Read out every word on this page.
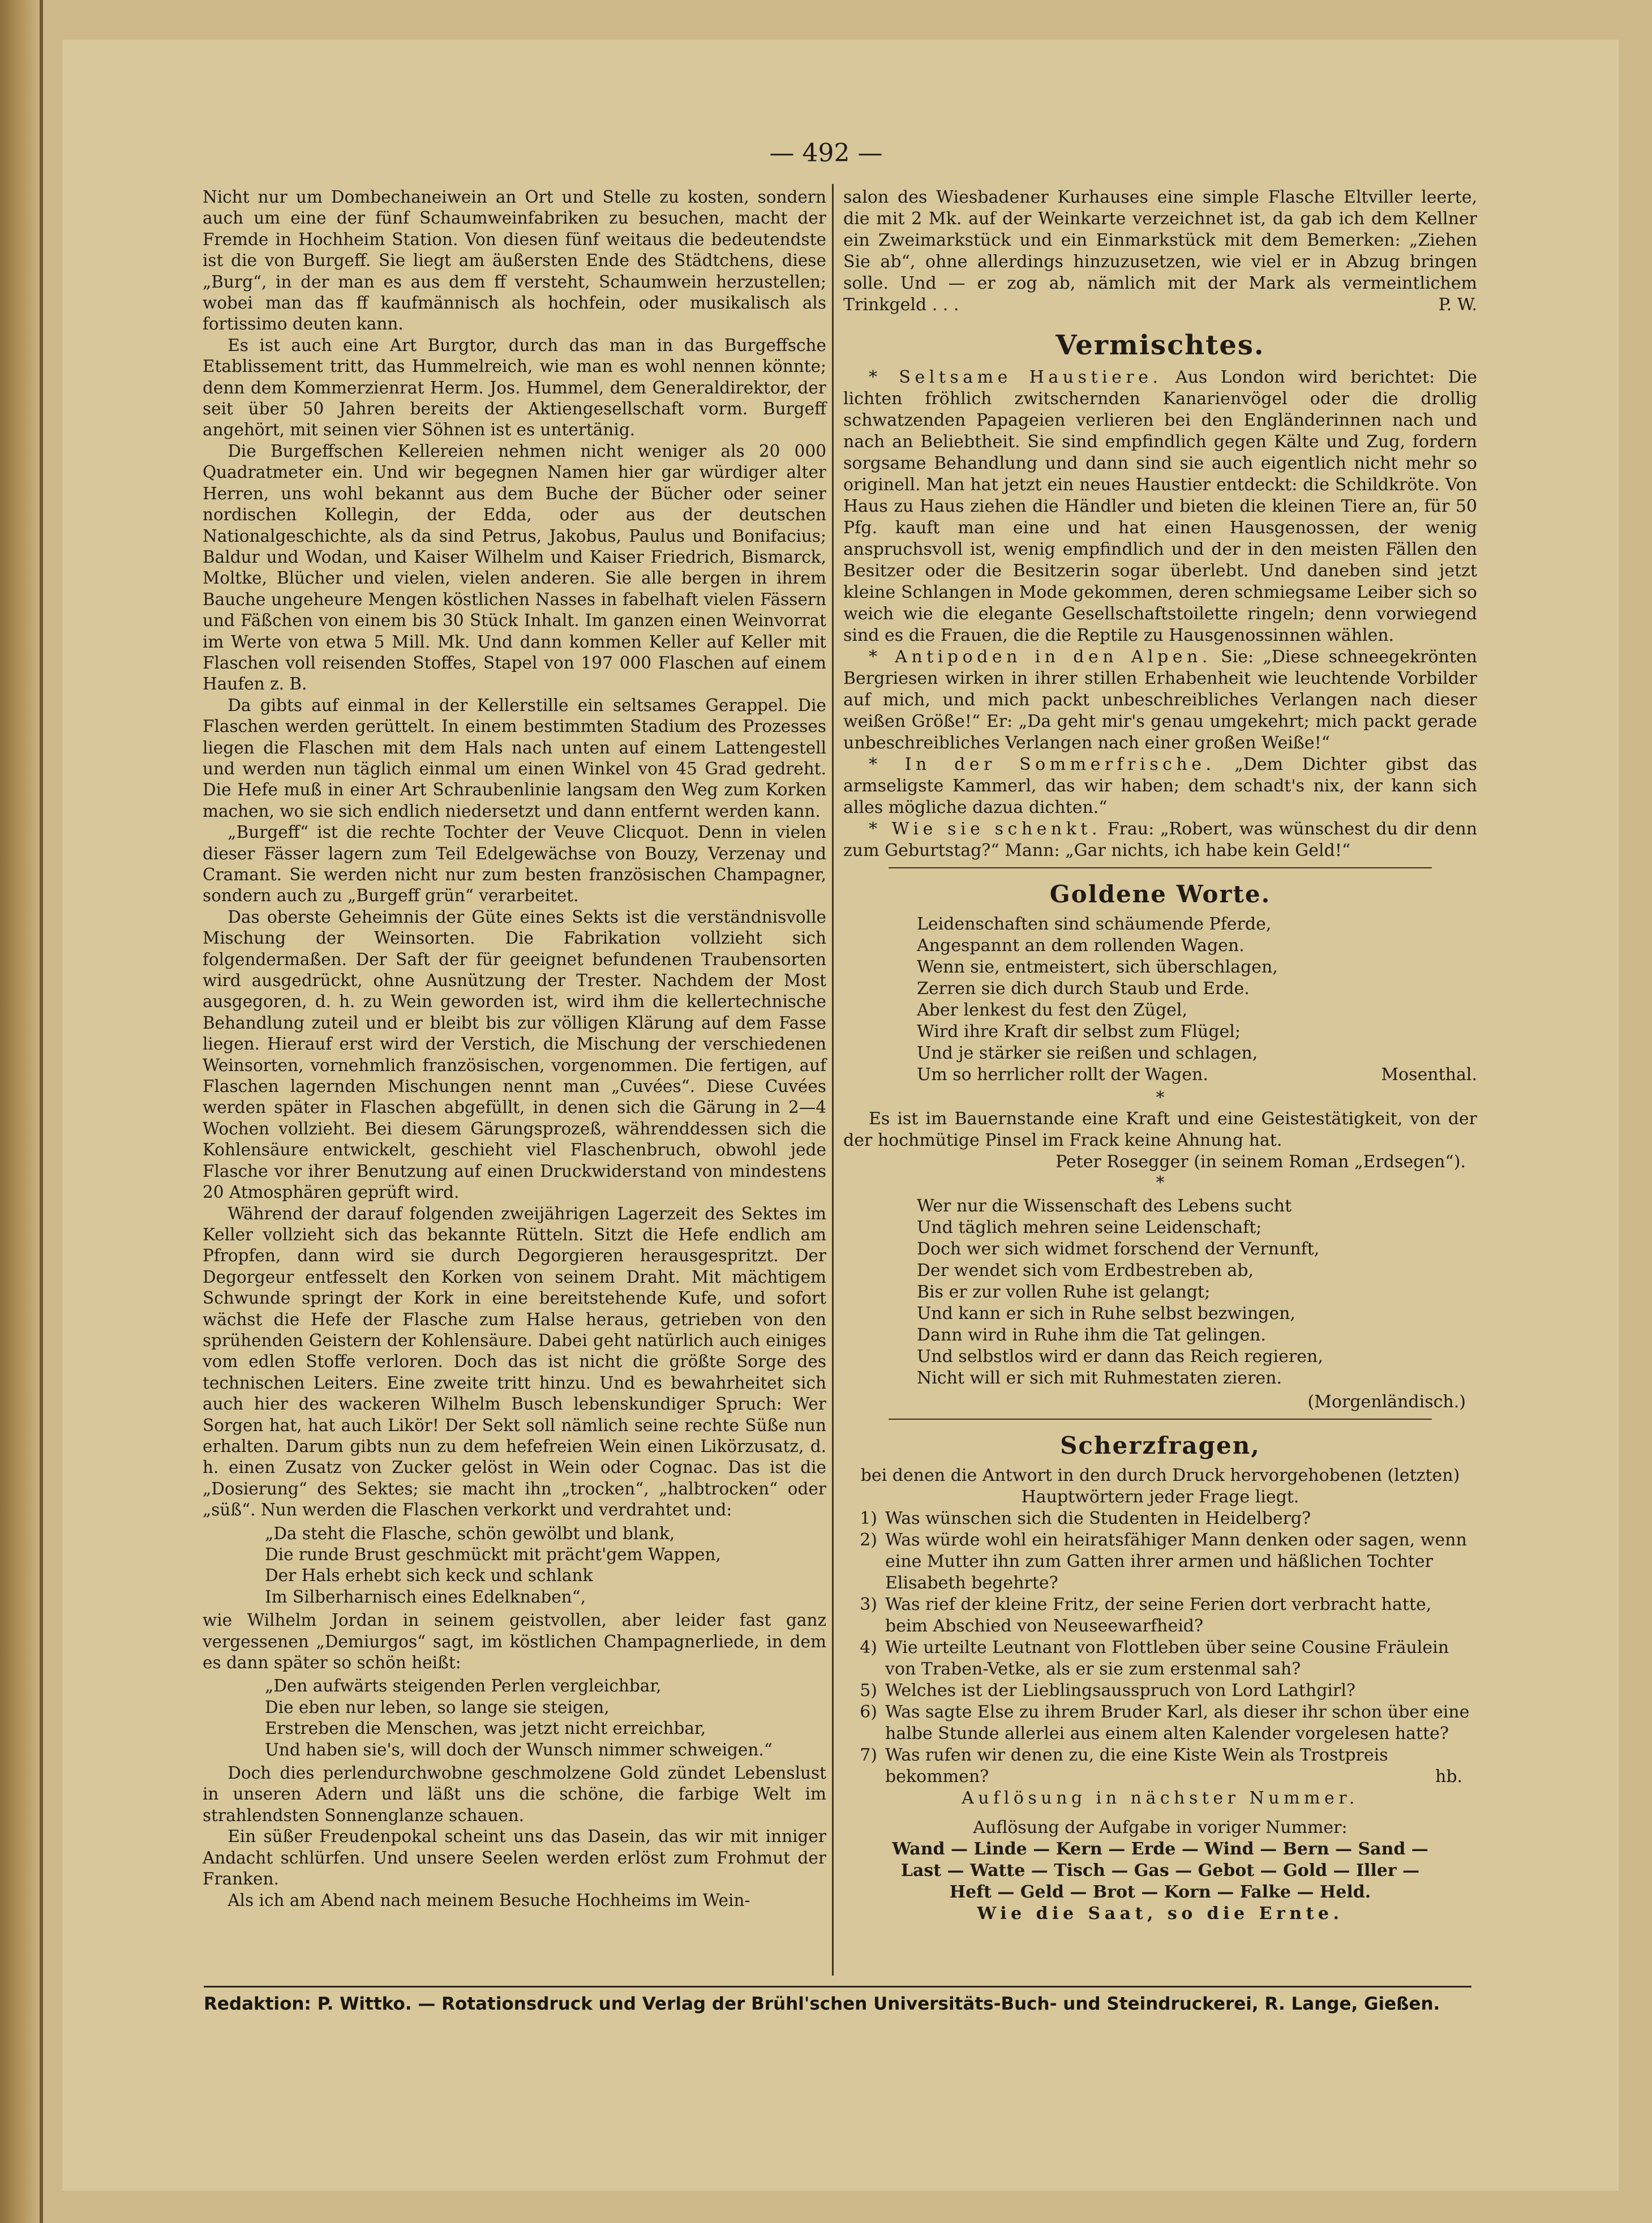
— 492 —

Nicht nur um Dombechaneiwein an Ort und Stelle zu kosten, sondern auch um eine der fünf Schaumweinfabriken zu besuchen, macht der Fremde in Hochheim Station. Von diesen fünf weitaus die bedeutendste ist die von Burgeff. Sie liegt am äußersten Ende des Städtchens, diese „Burg“, in der man es aus dem ff versteht, Schaumwein herzustellen; wobei man das ff kaufmännisch als hochfein, oder musikalisch als fortissimo deuten kann.

Es ist auch eine Art Burgtor, durch das man in das Burgeffsche Etablissement tritt, das Hummelreich, wie man es wohl nennen könnte; denn dem Kommerzienrat Herm. Jos. Hummel, dem Generaldirektor, der seit über 50 Jahren bereits der Aktiengesellschaft vorm. Burgeff angehört, mit seinen vier Söhnen ist es untertänig.

Die Burgeffschen Kellereien nehmen nicht weniger als 20 000 Quadratmeter ein. Und wir begegnen Namen hier gar würdiger alter Herren, uns wohl bekannt aus dem Buche der Bücher oder seiner nordischen Kollegin, der Edda, oder aus der deutschen Nationalgeschichte, als da sind Petrus, Jakobus, Paulus und Bonifacius; Baldur und Wodan, und Kaiser Wilhelm und Kaiser Friedrich, Bismarck, Moltke, Blücher und vielen, vielen anderen. Sie alle bergen in ihrem Bauche ungeheure Mengen köstlichen Nasses in fabelhaft vielen Fässern und Fäßchen von einem bis 30 Stück Inhalt. Im ganzen einen Weinvorrat im Werte von etwa 5 Mill. Mk. Und dann kommen Keller auf Keller mit Flaschen voll reisenden Stoffes, Stapel von 197 000 Flaschen auf einem Haufen z. B.

Da gibts auf einmal in der Kellerstille ein seltsames Gerappel. Die Flaschen werden gerüttelt. In einem bestimmten Stadium des Prozesses liegen die Flaschen mit dem Hals nach unten auf einem Lattengestell und werden nun täglich einmal um einen Winkel von 45 Grad gedreht. Die Hefe muß in einer Art Schraubenlinie langsam den Weg zum Korken machen, wo sie sich endlich niedersetzt und dann entfernt werden kann.

„Burgeff“ ist die rechte Tochter der Veuve Clicquot. Denn in vielen dieser Fässer lagern zum Teil Edelgewächse von Bouzy, Verzenay und Cramant. Sie werden nicht nur zum besten französischen Champagner, sondern auch zu „Burgeff grün“ verarbeitet.

Das oberste Geheimnis der Güte eines Sekts ist die verständnisvolle Mischung der Weinsorten. Die Fabrikation vollzieht sich folgendermaßen. Der Saft der für geeignet befundenen Traubensorten wird ausgedrückt, ohne Ausnützung der Trester. Nachdem der Most ausgegoren, d. h. zu Wein geworden ist, wird ihm die kellertechnische Behandlung zuteil und er bleibt bis zur völligen Klärung auf dem Fasse liegen. Hierauf erst wird der Verstich, die Mischung der verschiedenen Weinsorten, vornehmlich französischen, vorgenommen. Die fertigen, auf Flaschen lagernden Mischungen nennt man „Cuvées“. Diese Cuvées werden später in Flaschen abgefüllt, in denen sich die Gärung in 2—4 Wochen vollzieht. Bei diesem Gärungsprozeß, währenddessen sich die Kohlensäure entwickelt, geschieht viel Flaschenbruch, obwohl jede Flasche vor ihrer Benutzung auf einen Druckwiderstand von mindestens 20 Atmosphären geprüft wird.

Während der darauf folgenden zweijährigen Lagerzeit des Sektes im Keller vollzieht sich das bekannte Rütteln. Sitzt die Hefe endlich am Pfropfen, dann wird sie durch Degorgieren herausgespritzt. Der Degorgeur entfesselt den Korken von seinem Draht. Mit mächtigem Schwunde springt der Kork in eine bereitstehende Kufe, und sofort wächst die Hefe der Flasche zum Halse heraus, getrieben von den sprühenden Geistern der Kohlensäure. Dabei geht natürlich auch einiges vom edlen Stoffe verloren. Doch das ist nicht die größte Sorge des technischen Leiters. Eine zweite tritt hinzu. Und es bewahrheitet sich auch hier des wackeren Wilhelm Busch lebenskundiger Spruch: Wer Sorgen hat, hat auch Likör! Der Sekt soll nämlich seine rechte Süße nun erhalten. Darum gibts nun zu dem hefefreien Wein einen Likörzusatz, d. h. einen Zusatz von Zucker gelöst in Wein oder Cognac. Das ist die „Dosierung“ des Sektes; sie macht ihn „trocken“, „halbtrocken“ oder „süß“. Nun werden die Flaschen verkorkt und verdrahtet und:

„Da steht die Flasche, schön gewölbt und blank,
Die runde Brust geschmückt mit prächt'gem Wappen,
Der Hals erhebt sich keck und schlank
Im Silberharnisch eines Edelknaben“,

wie Wilhelm Jordan in seinem geistvollen, aber leider fast ganz vergessenen „Demiurgos“ sagt, im köstlichen Champagnerliede, in dem es dann später so schön heißt:

„Den aufwärts steigenden Perlen vergleichbar,
Die eben nur leben, so lange sie steigen,
Erstreben die Menschen, was jetzt nicht erreichbar,
Und haben sie's, will doch der Wunsch nimmer schweigen.“

Doch dies perlendurchwobne geschmolzene Gold zündet Lebenslust in unseren Adern und läßt uns die schöne, die farbige Welt im strahlendsten Sonnenglanze schauen.

Ein süßer Freudenpokal scheint uns das Dasein, das wir mit inniger Andacht schlürfen. Und unsere Seelen werden erlöst zum Frohmut der Franken.

Als ich am Abend nach meinem Besuche Hochheims im Wein-

salon des Wiesbadener Kurhauses eine simple Flasche Eltviller leerte, die mit 2 Mk. auf der Weinkarte verzeichnet ist, da gab ich dem Kellner ein Zweimarkstück und ein Einmarkstück mit dem Bemerken: „Ziehen Sie ab“, ohne allerdings hinzuzusetzen, wie viel er in Abzug bringen solle. Und — er zog ab, nämlich mit der Mark als vermeintlichem Trinkgeld . . .	P. W.

Vermischtes.

* Seltsame Haustiere. Aus London wird berichtet: Die lichten fröhlich zwitschernden Kanarienvögel oder die drollig schwatzenden Papageien verlieren bei den Engländerinnen nach und nach an Beliebtheit. Sie sind empfindlich gegen Kälte und Zug, fordern sorgsame Behandlung und dann sind sie auch eigentlich nicht mehr so originell. Man hat jetzt ein neues Haustier entdeckt: die Schildkröte. Von Haus zu Haus ziehen die Händler und bieten die kleinen Tiere an, für 50 Pfg. kauft man eine und hat einen Hausgenossen, der wenig anspruchsvoll ist, wenig empfindlich und der in den meisten Fällen den Besitzer oder die Besitzerin sogar überlebt. Und daneben sind jetzt kleine Schlangen in Mode gekommen, deren schmiegsame Leiber sich so weich wie die elegante Gesellschaftstoilette ringeln; denn vorwiegend sind es die Frauen, die die Reptile zu Hausgenossinnen wählen.

* Antipoden in den Alpen. Sie: „Diese schneegekrönten Bergriesen wirken in ihrer stillen Erhabenheit wie leuchtende Vorbilder auf mich, und mich packt unbeschreibliches Verlangen nach dieser weißen Größe!“ Er: „Da geht mir's genau umgekehrt; mich packt gerade unbeschreibliches Verlangen nach einer großen Weiße!“

* In der Sommerfrische. „Dem Dichter gibst das armseligste Kammerl, das wir haben; dem schadt's nix, der kann sich alles mögliche dazua dichten.“

* Wie sie schenkt. Frau: „Robert, was wünschest du dir denn zum Geburtstag?“ Mann: „Gar nichts, ich habe kein Geld!“

Goldene Worte.
Leidenschaften sind schäumende Pferde,
Angespannt an dem rollenden Wagen.
Wenn sie, entmeistert, sich überschlagen,
Zerren sie dich durch Staub und Erde.
Aber lenkest du fest den Zügel,
Wird ihre Kraft dir selbst zum Flügel;
Und je stärker sie reißen und schlagen,
Um so herrlicher rollt der Wagen.	Mosenthal.

*

Es ist im Bauernstande eine Kraft und eine Geistestätigkeit, von der der hochmütige Pinsel im Frack keine Ahnung hat.

Peter Rosegger (in seinem Roman „Erdsegen“).

*

Wer nur die Wissenschaft des Lebens sucht
Und täglich mehren seine Leidenschaft;
Doch wer sich widmet forschend der Vernunft,
Der wendet sich vom Erdbestreben ab,
Bis er zur vollen Ruhe ist gelangt;
Und kann er sich in Ruhe selbst bezwingen,
Dann wird in Ruhe ihm die Tat gelingen.
Und selbstlos wird er dann das Reich regieren,
Nicht will er sich mit Ruhmestaten zieren.
(Morgenländisch.)
Scherzfragen,

bei denen die Antwort in den durch Druck hervorgehobenen (letzten) Hauptwörtern jeder Frage liegt.

1) Was wünschen sich die Studenten in Heidelberg?

2) Was würde wohl ein heiratsfähiger Mann denken oder sagen, wenn eine Mutter ihn zum Gatten ihrer armen und häßlichen Tochter Elisabeth begehrte?

3) Was rief der kleine Fritz, der seine Ferien dort verbracht hatte, beim Abschied von Neuseewarfheid?

4) Wie urteilte Leutnant von Flottleben über seine Cousine Fräulein von Traben-Vetke, als er sie zum erstenmal sah?

5) Welches ist der Lieblingsausspruch von Lord Lathgirl?

6) Was sagte Else zu ihrem Bruder Karl, als dieser ihr schon über eine halbe Stunde allerlei aus einem alten Kalender vorgelesen hatte?

7) Was rufen wir denen zu, die eine Kiste Wein als Trostpreis bekommen?	hb.

Auflösung in nächster Nummer.
Auflösung der Aufgabe in voriger Nummer:
Wand — Linde — Kern — Erde — Wind — Bern — Sand —
Last — Watte — Tisch — Gas — Gebot — Gold — Iller —
Heft — Geld — Brot — Korn — Falke — Held.
Wie die Saat, so die Ernte.
Redaktion: P. Wittko. — Rotationsdruck und Verlag der Brühl'schen Universitäts-Buch- und Steindruckerei, R. Lange, Gießen.
